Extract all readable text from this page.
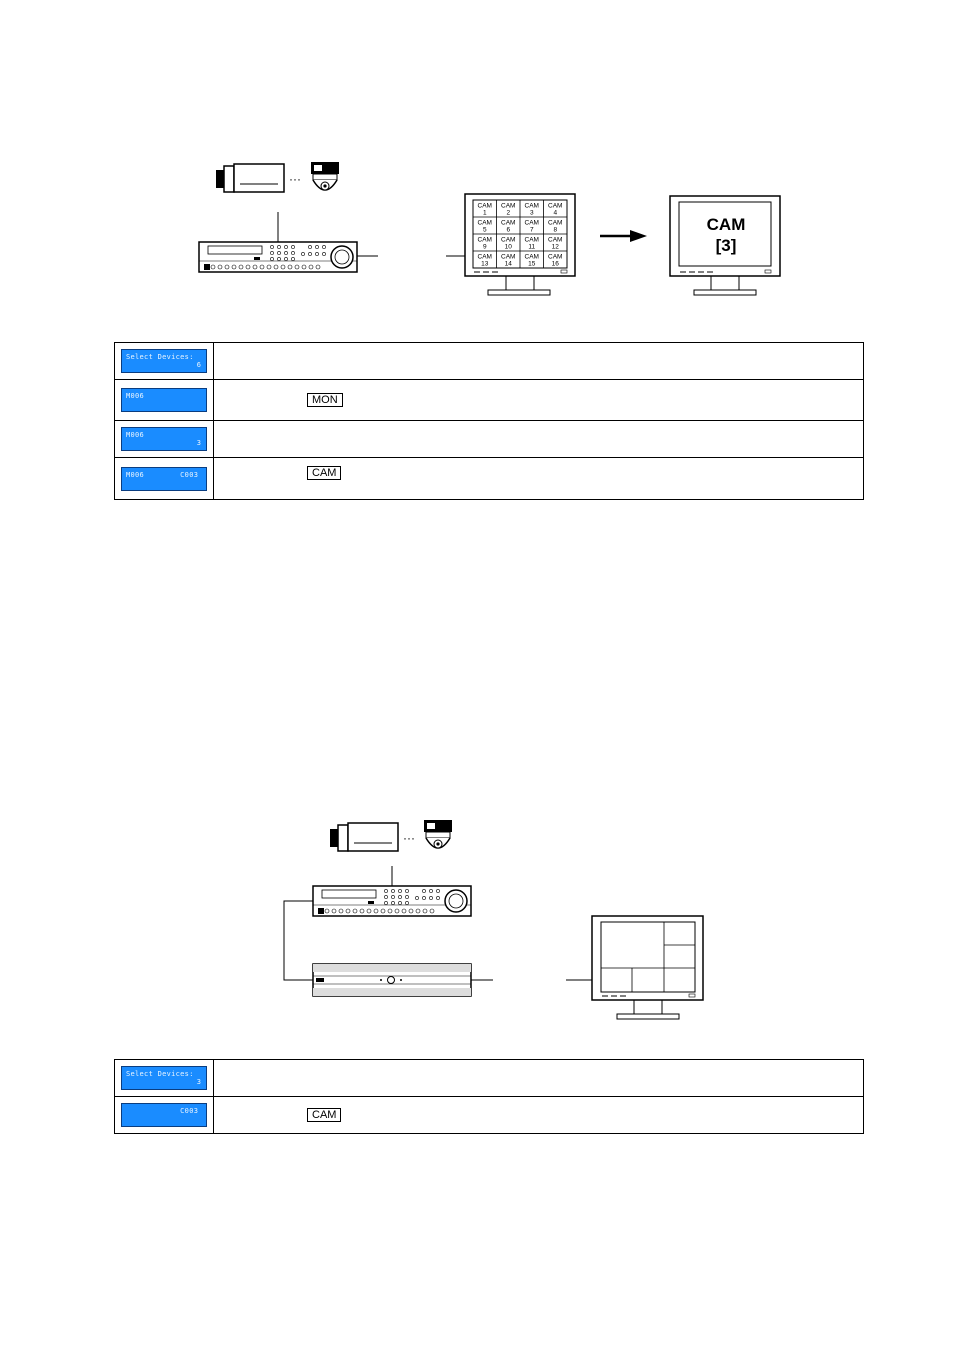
···
CAM
1
CAM
2
CAM
3
CAM
4
CAM
5
CAM
6
CAM
7
CAM
8
CAM
9
CAM
10
CAM
11
CAM
12
CAM
13
CAM
14
CAM
15
CAM
16
CAM
[3]
Select Devices:
6	

M006	MON

M006
3	

M006        C003	CAM
···
Select Devices:
3	

C003	CAM
